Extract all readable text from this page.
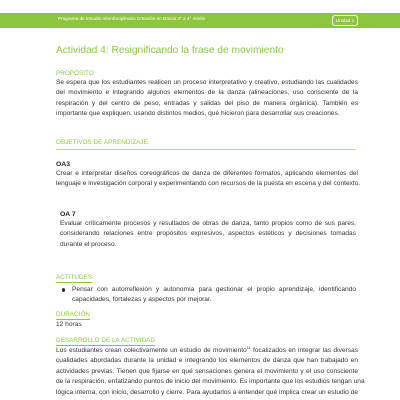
Programa de Estudio Interdisciplinario Creación en Danza 3° a 4° medio	Unidad 1
Actividad 4: Resignificando la frase de movimiento
PROPÓSITO
Se espera que los estudiantes realicen un proceso interpretativo y creativo, estudiando las cualidades
del movimiento e integrando algunos elementos de la danza (alineaciones, uso consciente de la
respiración y del centro de peso, entradas y salidas del piso de manera orgánica). También es
importante que expliquen, usando distintos medios, qué hicieron para desarrollar sus creaciones.
OBJETIVOS DE APRENDIZAJE
OA3
Crear e interpretar diseños coreográficos de danza de diferentes formatos, aplicando elementos del
lenguaje e investigación corporal y experimentando con recursos de la puesta en escena y del contexto.
OA 7
Evaluar críticamente procesos y resultados de obras de danza, tanto propios como de sus pares,
considerando relaciones entre propósitos expresivos, aspectos estéticos y decisiones tomadas
durante el proceso.
ACTITUDES
Pensar con autorreflexión y autonomía para gestionar el propio aprendizaje, identificando
capacidades, fortalezas y aspectos por mejorar.
DURACIÓN
12 horas
DESARROLLO DE LA ACTIVIDAD
Los estudiantes crean colectivamente un estudio de movimiento$^{11}$ focalizados en integrar las diversas
cualidades abordadas durante la unidad e integrando los elementos de danza que han trabajado en
actividades previas. Tienen que fijarse en qué sensaciones genera el movimiento y el uso consciente
de la respiración, enfatizando puntos de inicio del movimiento. Es importante que los estudios tengan una
lógica interna, con inicio, desarrollo y cierre. Para ayudarlos a entender qué implica crear un estudio de
